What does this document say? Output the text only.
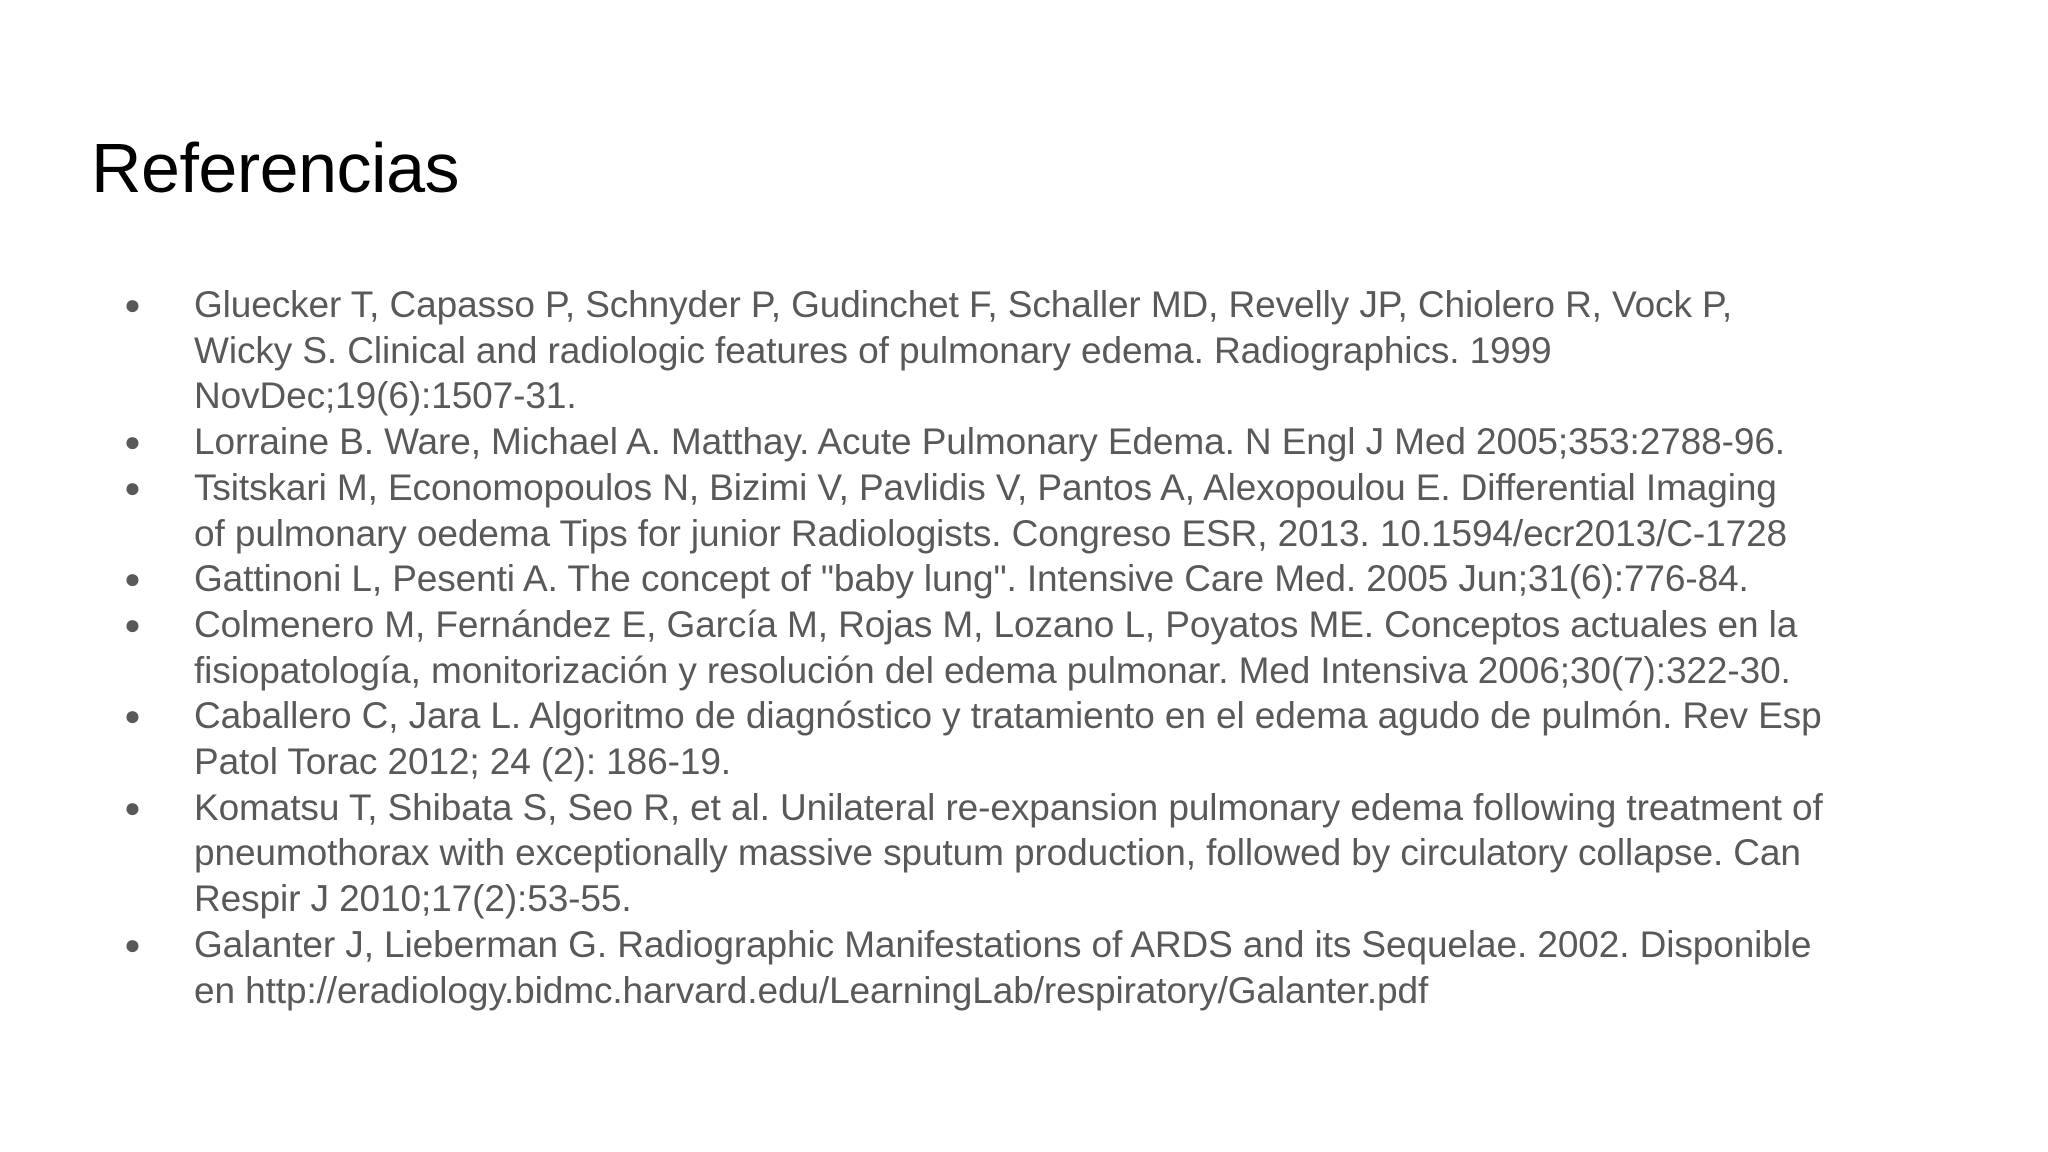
Referencias
● Gluecker T, Capasso P, Schnyder P, Gudinchet F, Schaller MD, Revelly JP, Chiolero R, Vock P,
Wicky S. Clinical and radiologic features of pulmonary edema. Radiographics. 1999
NovDec;19(6):1507-31.
● Lorraine B. Ware, Michael A. Matthay. Acute Pulmonary Edema. N Engl J Med 2005;353:2788-96.
● Tsitskari M, Economopoulos N, Bizimi V, Pavlidis V, Pantos A, Alexopoulou E. Differential Imaging
of pulmonary oedema Tips for junior Radiologists. Congreso ESR, 2013. 10.1594/ecr2013/C-1728
● Gattinoni L, Pesenti A. The concept of "baby lung". Intensive Care Med. 2005 Jun;31(6):776-84.
● Colmenero M, Fernández E, García M, Rojas M, Lozano L, Poyatos ME. Conceptos actuales en la
fisiopatología, monitorización y resolución del edema pulmonar. Med Intensiva 2006;30(7):322-30.
● Caballero C, Jara L. Algoritmo de diagnóstico y tratamiento en el edema agudo de pulmón. Rev Esp
Patol Torac 2012; 24 (2): 186-19.
● Komatsu T, Shibata S, Seo R, et al. Unilateral re-expansion pulmonary edema following treatment of
pneumothorax with exceptionally massive sputum production, followed by circulatory collapse. Can
Respir J 2010;17(2):53-55.
● Galanter J, Lieberman G. Radiographic Manifestations of ARDS and its Sequelae. 2002. Disponible
en http://eradiology.bidmc.harvard.edu/LearningLab/respiratory/Galanter.pdf
